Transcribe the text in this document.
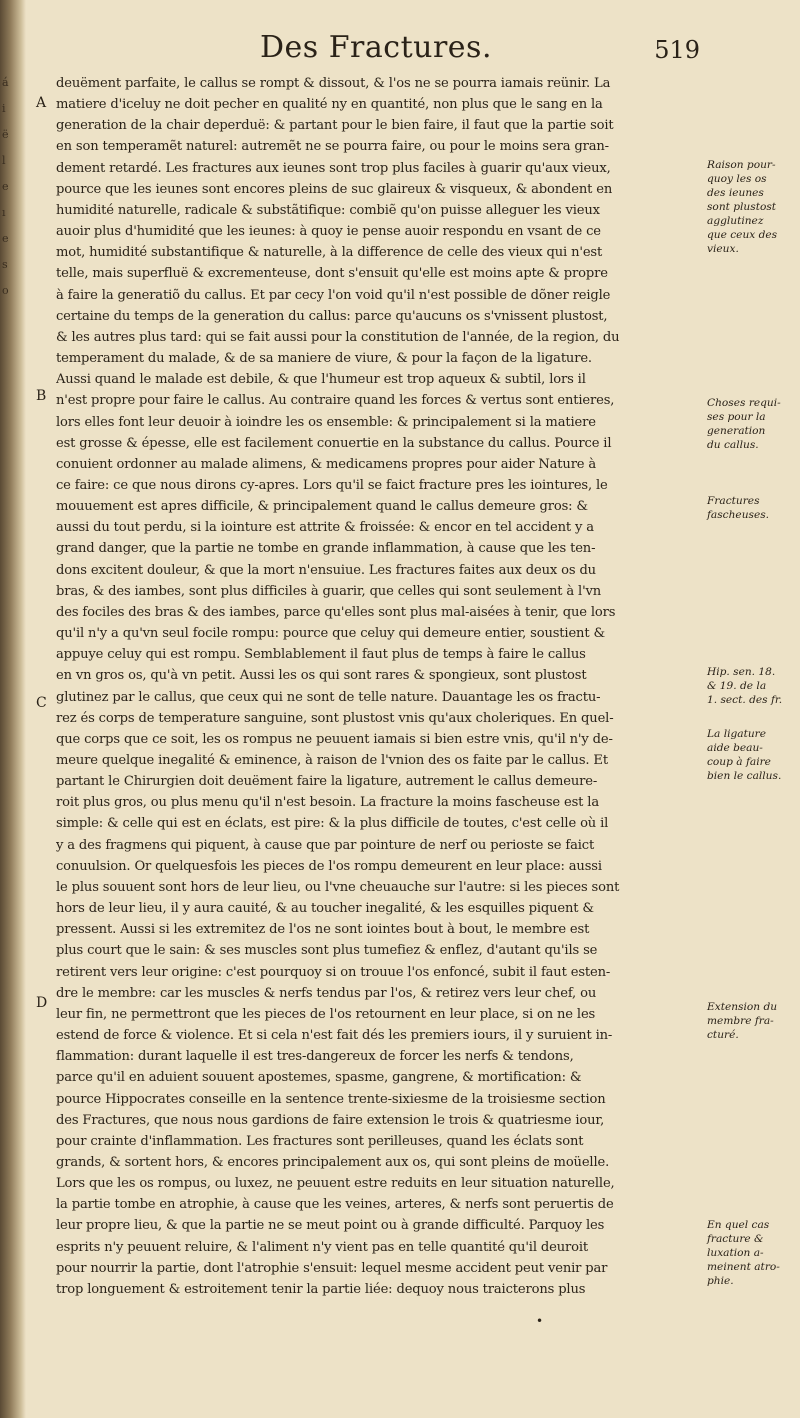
á
i
ë
l
e
ı
e
s
o
Des Fractures.	519
A
B
C
D
deuëment parfaite, le callus se rompt & dissout, & l'os ne se pourra iamais reünir. La
matiere d'iceluy ne doit pecher en qualité ny en quantité, non plus que le sang en la
generation de la chair deperduë: & partant pour le bien faire, il faut que la partie soit
en son temperamẽt naturel: autremẽt ne se pourra faire, ou pour le moins sera gran-
dement retardé. Les fractures aux ieunes sont trop plus faciles à guarir qu'aux vieux,
pource que les ieunes sont encores pleins de suc glaireux & visqueux, & abondent en
humidité naturelle, radicale & substãtifique: combiẽ qu'on puisse alleguer les vieux
auoir plus d'humidité que les ieunes: à quoy ie pense auoir respondu en vsant de ce
mot, humidité substantifique & naturelle, à la difference de celle des vieux qui n'est
telle, mais superfluë & excrementeuse, dont s'ensuit qu'elle est moins apte & propre
à faire la generatiõ du callus. Et par cecy l'on void qu'il n'est possible de dõner reigle
certaine du temps de la generation du callus: parce qu'aucuns os s'vnissent plustost,
& les autres plus tard: qui se fait aussi pour la constitution de l'année, de la region, du
temperament du malade, & de sa maniere de viure, & pour la façon de la ligature.
Aussi quand le malade est debile, & que l'humeur est trop aqueux & subtil, lors il
n'est propre pour faire le callus. Au contraire quand les forces & vertus sont entieres,
lors elles font leur deuoir à ioindre les os ensemble: & principalement si la matiere
est grosse & épesse, elle est facilement conuertie en la substance du callus. Pource il
conuient ordonner au malade alimens, & medicamens propres pour aider Nature à
ce faire: ce que nous dirons cy-apres. Lors qu'il se faict fracture pres les iointures, le
mouuement est apres difficile, & principalement quand le callus demeure gros: &
aussi du tout perdu, si la iointure est attrite & froissée: & encor en tel accident y a
grand danger, que la partie ne tombe en grande inflammation, à cause que les ten-
dons excitent douleur, & que la mort n'ensuiue. Les fractures faites aux deux os du
bras, & des iambes, sont plus difficiles à guarir, que celles qui sont seulement à l'vn
des fociles des bras & des iambes, parce qu'elles sont plus mal-aisées à tenir, que lors
qu'il n'y a qu'vn seul focile rompu: pource que celuy qui demeure entier, soustient &
appuye celuy qui est rompu. Semblablement il faut plus de temps à faire le callus
en vn gros os, qu'à vn petit. Aussi les os qui sont rares & spongieux, sont plustost
glutinez par le callus, que ceux qui ne sont de telle nature. Dauantage les os fractu-
rez és corps de temperature sanguine, sont plustost vnis qu'aux choleriques. En quel-
que corps que ce soit, les os rompus ne peuuent iamais si bien estre vnis, qu'il n'y de-
meure quelque inegalité & eminence, à raison de l'vnion des os faite par le callus. Et
partant le Chirurgien doit deuëment faire la ligature, autrement le callus demeure-
roit plus gros, ou plus menu qu'il n'est besoin. La fracture la moins fascheuse est la
simple: & celle qui est en éclats, est pire: & la plus difficile de toutes, c'est celle où il
y a des fragmens qui piquent, à cause que par pointure de nerf ou perioste se faict
conuulsion. Or quelquesfois les pieces de l'os rompu demeurent en leur place: aussi
le plus souuent sont hors de leur lieu, ou l'vne cheuauche sur l'autre: si les pieces sont
hors de leur lieu, il y aura cauité, & au toucher inegalité, & les esquilles piquent &
pressent. Aussi si les extremitez de l'os ne sont iointes bout à bout, le membre est
plus court que le sain: & ses muscles sont plus tumefiez & enflez, d'autant qu'ils se
retirent vers leur origine: c'est pourquoy si on trouue l'os enfoncé, subit il faut esten-
dre le membre: car les muscles & nerfs tendus par l'os, & retirez vers leur chef, ou
leur fin, ne permettront que les pieces de l'os retournent en leur place, si on ne les
estend de force & violence. Et si cela n'est fait dés les premiers iours, il y suruient in-
flammation: durant laquelle il est tres-dangereux de forcer les nerfs & tendons,
parce qu'il en aduient souuent apostemes, spasme, gangrene, & mortification: &
pource Hippocrates conseille en la sentence trente-sixiesme de la troisiesme section
des Fractures, que nous nous gardions de faire extension le trois & quatriesme iour,
pour crainte d'inflammation. Les fractures sont perilleuses, quand les éclats sont
grands, & sortent hors, & encores principalement aux os, qui sont pleins de moüelle.
Lors que les os rompus, ou luxez, ne peuuent estre reduits en leur situation naturelle,
la partie tombe en atrophie, à cause que les veines, arteres, & nerfs sont peruertis de
leur propre lieu, & que la partie ne se meut point ou à grande difficulté. Parquoy les
esprits n'y peuuent reluire, & l'aliment n'y vient pas en telle quantité qu'il deuroit
pour nourrir la partie, dont l'atrophie s'ensuit: lequel mesme accident peut venir par
trop longuement & estroitement tenir la partie liée: dequoy nous traicterons plus
Raison pour-
quoy les os
des ieunes
sont plustost
agglutinez
que ceux des
vieux.
Choses requi-
ses pour la
generation
du callus.
Fractures
fascheuses.
Hip. sen. 18.
& 19. de la
1. sect. des fr.
La ligature
aide beau-
coup à faire
bien le callus.
Extension du
membre fra-
cturé.
En quel cas
fracture &
luxation a-
meinent atro-
phie.
•
